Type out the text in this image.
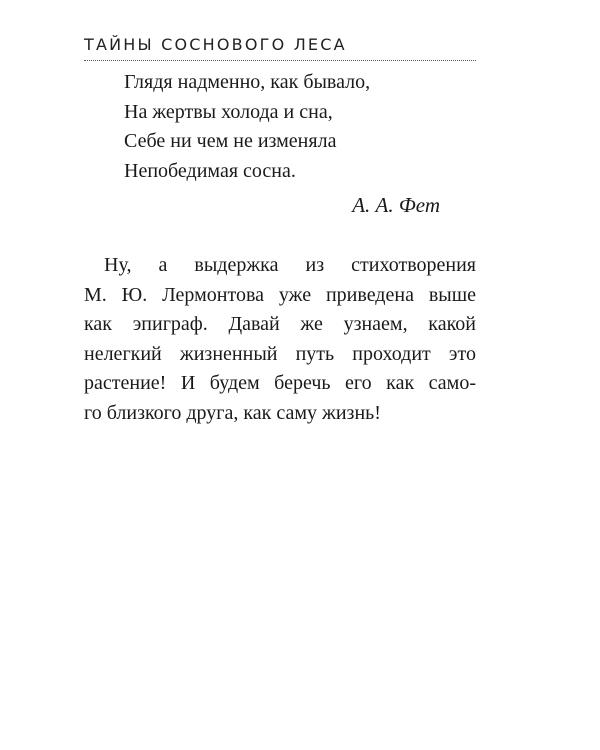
ТАЙНЫ СОСНОВОГО ЛЕСА
Глядя надменно, как бывало,
На жертвы холода и сна,
Себе ни чем не изменяла
Непобедимая сосна.
А. А. Фет
Ну, а выдержка из стихотворения
М. Ю. Лермонтова уже приведена выше
как эпиграф. Давай же узнаем, какой
нелегкий жизненный путь проходит это
растение! И будем беречь его как само-
го близкого друга, как саму жизнь!
